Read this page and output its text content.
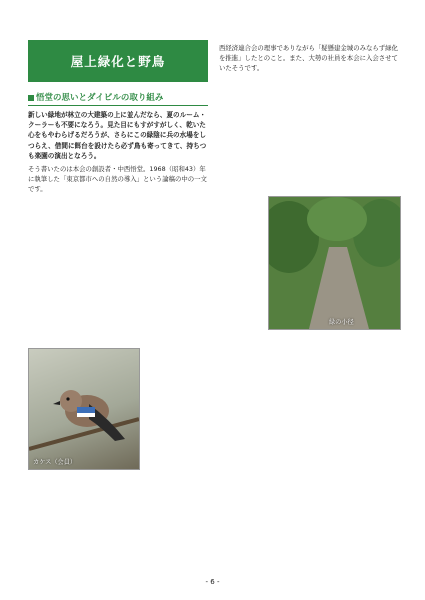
屋上緑化と野鳥
悟堂の思いとダイビルの取り組み
新しい緑地が林立の大建築の上に並んだなら、夏のルーム・クーラーも不要になろう。見た目にもすがすがしく、乾いた心をもやわらげるだろうが、さらにこの緑陰に兵の水場をしつらえ、借間に餌台を設けたら必ず鳥も寄ってきて、持ちつも楽園の演出となろう。
そう書いたのは本会の創設者・中西悟堂。1968（昭和43）年に執筆した「東京都市への自然の導入」という論稿の中の一文です。
西経済連合会の理事でありながら「疑懸建金城のみならず緑化を推進」したとのこと。また、大勢の社員を本会に入会させていたそうです。
カケス（会員）
緑の小径
- 6 -
